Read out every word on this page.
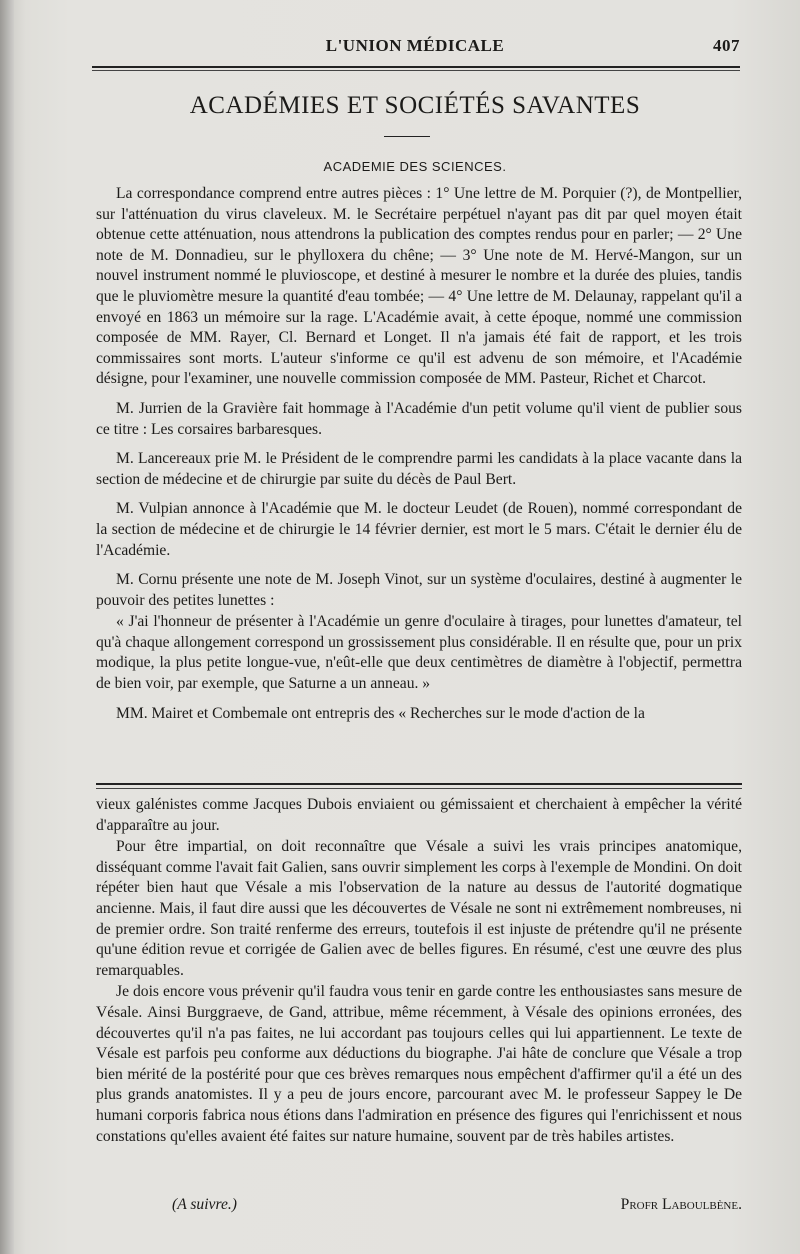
L'UNION MÉDICALE	407
ACADÉMIES ET SOCIÉTÉS SAVANTES
ACADEMIE DES SCIENCES.

La correspondance comprend entre autres pièces : 1° Une lettre de M. Porquier (?), de Montpellier, sur l'atténuation du virus claveleux. M. le Secrétaire perpétuel n'ayant pas dit par quel moyen était obtenue cette atténuation, nous attendrons la publication des comptes rendus pour en parler; — 2° Une note de M. Donnadieu, sur le phylloxera du chêne; — 3° Une note de M. Hervé-Mangon, sur un nouvel instrument nommé le pluvioscope, et destiné à mesurer le nombre et la durée des pluies, tandis que le pluviomètre mesure la quantité d'eau tombée; — 4° Une lettre de M. Delaunay, rappelant qu'il a envoyé en 1863 un mémoire sur la rage. L'Académie avait, à cette époque, nommé une commission composée de MM. Rayer, Cl. Bernard et Longet. Il n'a jamais été fait de rapport, et les trois commissaires sont morts. L'auteur s'informe ce qu'il est advenu de son mémoire, et l'Académie désigne, pour l'examiner, une nouvelle commission composée de MM. Pasteur, Richet et Charcot.

M. Jurrien de la Gravière fait hommage à l'Académie d'un petit volume qu'il vient de publier sous ce titre : Les corsaires barbaresques.

M. Lancereaux prie M. le Président de le comprendre parmi les candidats à la place vacante dans la section de médecine et de chirurgie par suite du décès de Paul Bert.

M. Vulpian annonce à l'Académie que M. le docteur Leudet (de Rouen), nommé correspondant de la section de médecine et de chirurgie le 14 février dernier, est mort le 5 mars. C'était le dernier élu de l'Académie.

M. Cornu présente une note de M. Joseph Vinot, sur un système d'oculaires, destiné à augmenter le pouvoir des petites lunettes :

« J'ai l'honneur de présenter à l'Académie un genre d'oculaire à tirages, pour lunettes d'amateur, tel qu'à chaque allongement correspond un grossissement plus considérable. Il en résulte que, pour un prix modique, la plus petite longue-vue, n'eût-elle que deux centimètres de diamètre à l'objectif, permettra de bien voir, par exemple, que Saturne a un anneau. »

MM. Mairet et Combemale ont entrepris des « Recherches sur le mode d'action de la

vieux galénistes comme Jacques Dubois enviaient ou gémissaient et cherchaient à empêcher la vérité d'apparaître au jour.

Pour être impartial, on doit reconnaître que Vésale a suivi les vrais principes anatomique, disséquant comme l'avait fait Galien, sans ouvrir simplement les corps à l'exemple de Mondini. On doit répéter bien haut que Vésale a mis l'observation de la nature au dessus de l'autorité dogmatique ancienne. Mais, il faut dire aussi que les découvertes de Vésale ne sont ni extrêmement nombreuses, ni de premier ordre. Son traité renferme des erreurs, toutefois il est injuste de prétendre qu'il ne présente qu'une édition revue et corrigée de Galien avec de belles figures. En résumé, c'est une œuvre des plus remarquables.

Je dois encore vous prévenir qu'il faudra vous tenir en garde contre les enthousiastes sans mesure de Vésale. Ainsi Burggraeve, de Gand, attribue, même récemment, à Vésale des opinions erronées, des découvertes qu'il n'a pas faites, ne lui accordant pas toujours celles qui lui appartiennent. Le texte de Vésale est parfois peu conforme aux déductions du biographe. J'ai hâte de conclure que Vésale a trop bien mérité de la postérité pour que ces brèves remarques nous empêchent d'affirmer qu'il a été un des plus grands anatomistes. Il y a peu de jours encore, parcourant avec M. le professeur Sappey le De humani corporis fabrica nous étions dans l'admiration en présence des figures qui l'enrichissent et nous constations qu'elles avaient été faites sur nature humaine, souvent par de très habiles artistes.

(A suivre.)	Profr Laboulbène.
